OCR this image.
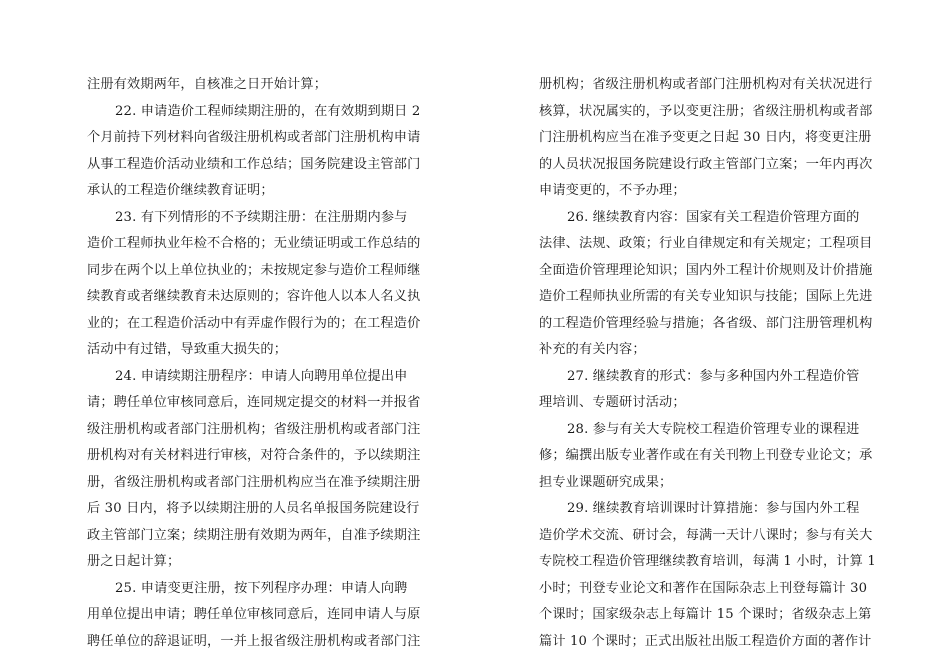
注册有效期两年，自核准之日开始计算；
22. 申请造价工程师续期注册的，在有效期到期日 2
个月前持下列材料向省级注册机构或者部门注册机构申请
从事工程造价活动业绩和工作总结；国务院建设主管部门
承认的工程造价继续教育证明；
23. 有下列情形的不予续期注册：在注册期内参与
造价工程师执业年检不合格的；无业绩证明或工作总结的
同步在两个以上单位执业的；未按规定参与造价工程师继
续教育或者继续教育未达原则的；容许他人以本人名义执
业的；在工程造价活动中有弄虚作假行为的；在工程造价
活动中有过错，导致重大损失的；
24. 申请续期注册程序：申请人向聘用单位提出申
请；聘任单位审核同意后，连同规定提交的材料一并报省
级注册机构或者部门注册机构；省级注册机构或者部门注
册机构对有关材料进行审核，对符合条件的，予以续期注
册，省级注册机构或者部门注册机构应当在准予续期注册
后 30 日内，将予以续期注册的人员名单报国务院建设行
政主管部门立案；续期注册有效期为两年，自准予续期注
册之日起计算；
25. 申请变更注册，按下列程序办理：申请人向聘
用单位提出申请；聘任单位审核同意后，连同申请人与原
聘任单位的辞退证明，一并上报省级注册机构或者部门注
册机构；省级注册机构或者部门注册机构对有关状况进行
核算，状况属实的，予以变更注册；省级注册机构或者部
门注册机构应当在准予变更之日起 30 日内，将变更注册
的人员状况报国务院建设行政主管部门立案；一年内再次
申请变更的，不予办理；
26. 继续教育内容：国家有关工程造价管理方面的
法律、法规、政策；行业自律规定和有关规定；工程项目
全面造价管理理论知识；国内外工程计价规则及计价措施
造价工程师执业所需的有关专业知识与技能；国际上先进
的工程造价管理经验与措施；各省级、部门注册管理机构
补充的有关内容；
27. 继续教育的形式：参与多种国内外工程造价管
理培训、专题研讨活动；
28. 参与有关大专院校工程造价管理专业的课程进
修；编撰出版专业著作或在有关刊物上刊登专业论文；承
担专业课题研究成果；
29. 继续教育培训课时计算措施：参与国内外工程
造价学术交流、研讨会，每满一天计八课时；参与有关大
专院校工程造价管理继续教育培训，每满 1 小时，计算 1
小时；刊登专业论文和著作在国际杂志上刊登每篇计 30
个课时；国家级杂志上每篇计 15 个课时；省级杂志上第
篇计 10 个课时；正式出版社出版工程造价方面的著作计
